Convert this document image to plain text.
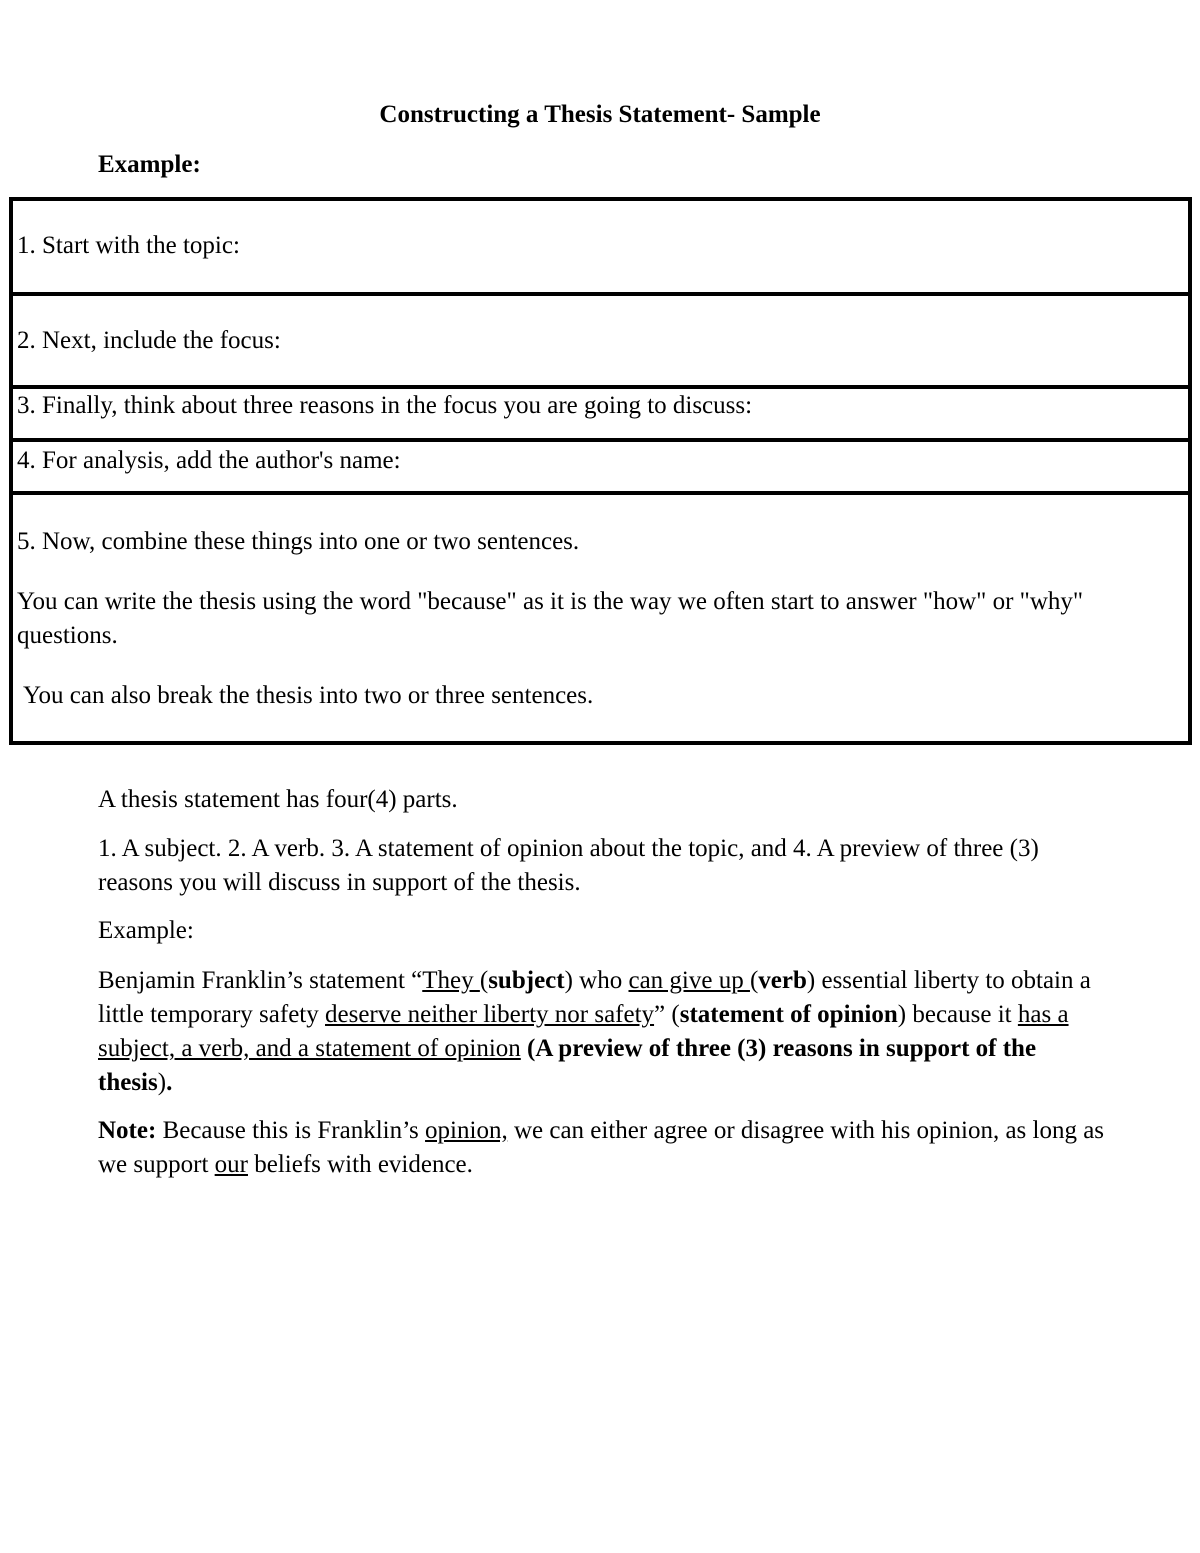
Constructing a Thesis Statement- Sample

Example:

1. Start with the topic:

2. Next, include the focus:

3. Finally, think about three reasons in the focus you are going to discuss:

4. For analysis, add the author's name:

5. Now, combine these things into one or two sentences.

You can write the thesis using the word "because" as it is the way we often start to answer "how" or "why" questions.

You can also break the thesis into two or three sentences.

A thesis statement has four(4) parts.

1. A subject. 2. A verb. 3. A statement of opinion about the topic, and 4. A preview of three (3) reasons you will discuss in support of the thesis.

Example:

Benjamin Franklin’s statement “They (subject) who can give up (verb) essential liberty to obtain a little temporary safety deserve neither liberty nor safety” (statement of opinion) because it has a subject, a verb, and a statement of opinion (A preview of three (3) reasons in support of the thesis).

Note: Because this is Franklin’s opinion, we can either agree or disagree with his opinion, as long as we support our beliefs with evidence.
